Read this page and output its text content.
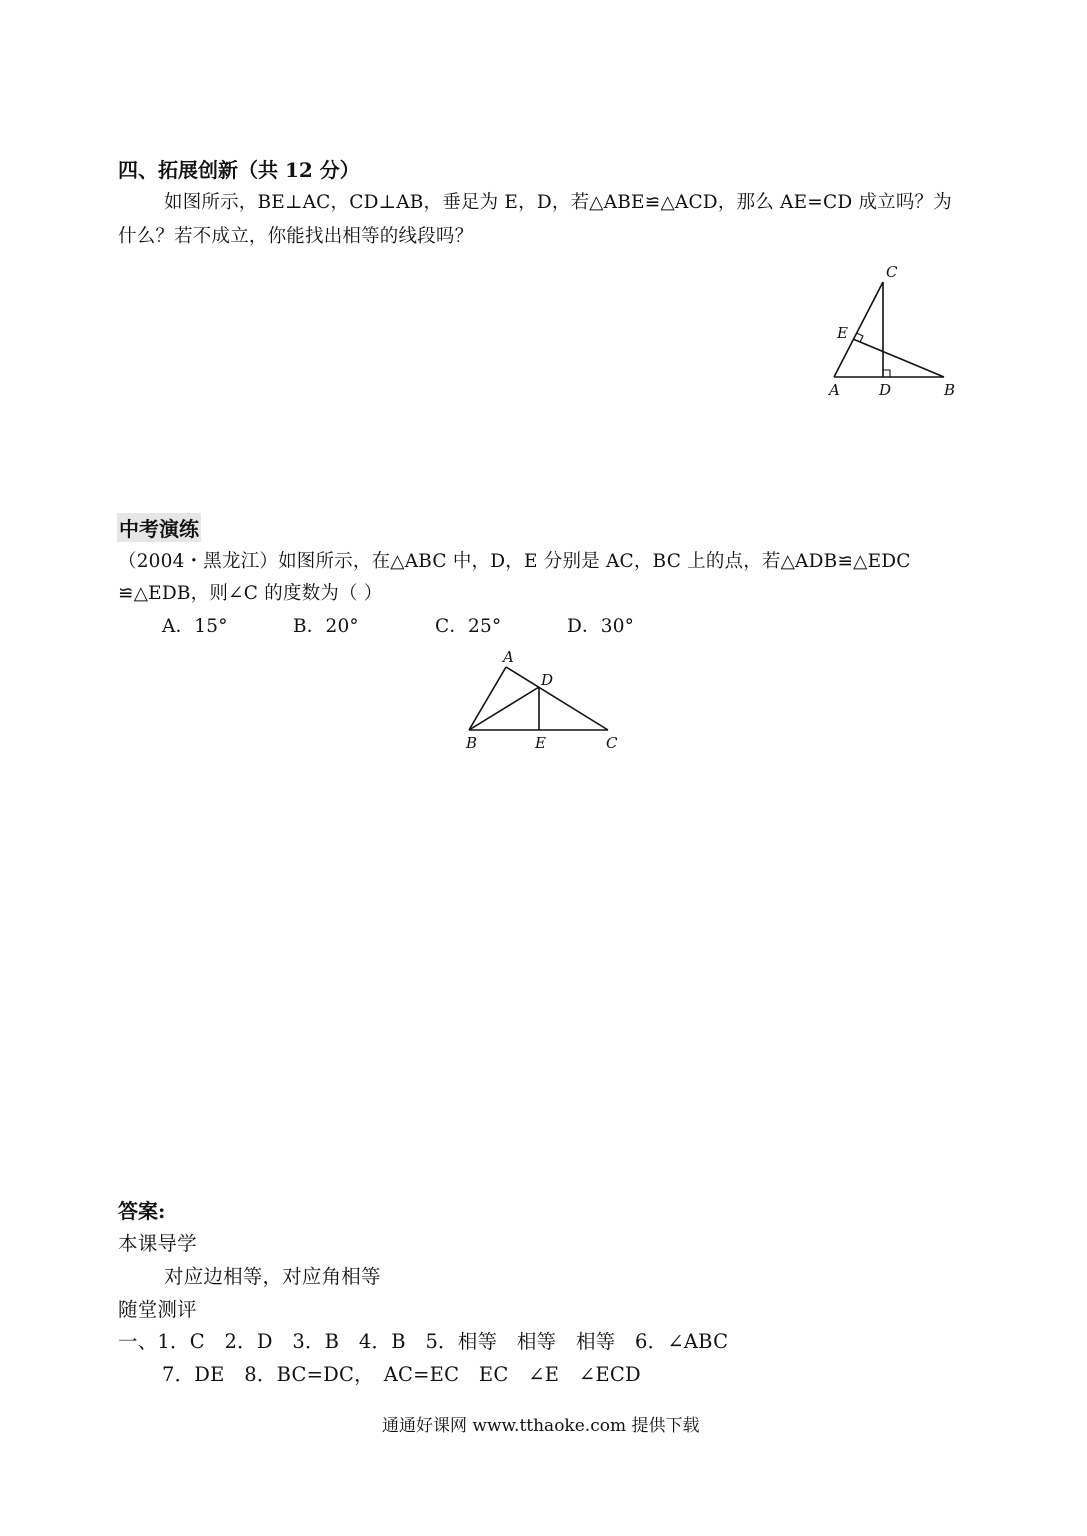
四、拓展创新（共 12 分）
如图所示，BE⊥AC，CD⊥AB，垂足为 E，D，若△ABE≌△ACD，那么 AE=CD 成立吗？为
什么？若不成立，你能找出相等的线段吗？
C
E
A	D	B
中考演练
（2004・黑龙江）如图所示，在△ABC 中，D，E 分别是 AC，BC 上的点，若△ADB≌△EDC
≌△EDB，则∠C 的度数为（ ）
A．15°	B．20°	C．25°	D．30°
A
D
B	E	C
答案:
本课导学
对应边相等，对应角相等
随堂测评
一、1．C　2．D　3．B　4．B　5．相等　相等　相等　6．∠ABC
7．DE　8．BC=DC，　AC=EC　EC　∠E　∠ECD
通通好课网 www.tthaoke.com 提供下载
